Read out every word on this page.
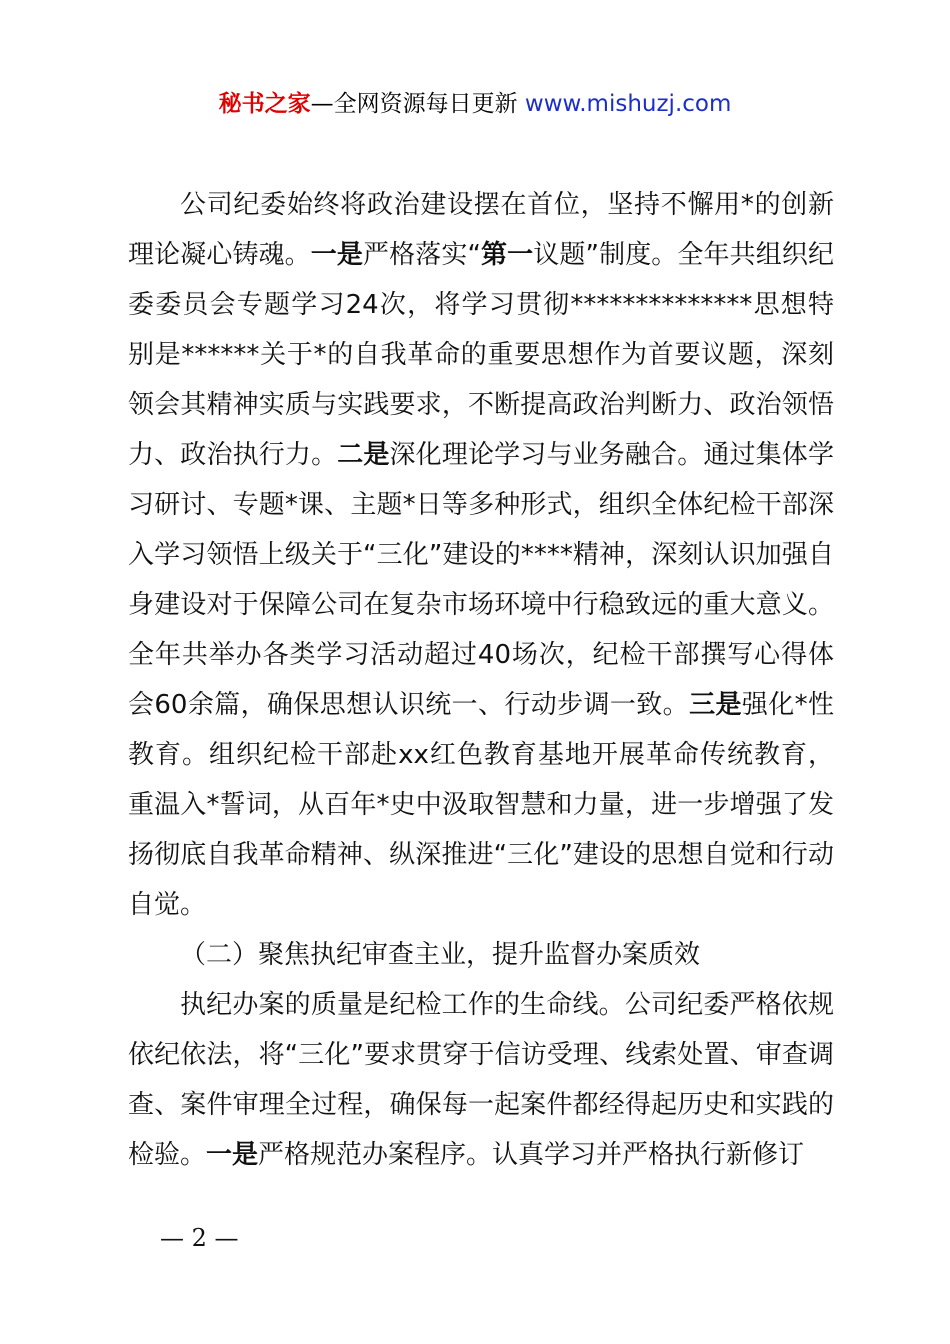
秘书之家—全网资源每日更新 www.mishuzj.com

公司纪委始终将政治建设摆在首位，坚持不懈用*的创新理论凝心铸魂。一是严格落实“第一议题”制度。全年共组织纪委委员会专题学习24次，将学习贯彻**************思想特别是******关于*的自我革命的重要思想作为首要议题，深刻领会其精神实质与实践要求，不断提高政治判断力、政治领悟力、政治执行力。二是深化理论学习与业务融合。通过集体学习研讨、专题*课、主题*日等多种形式，组织全体纪检干部深入学习领悟上级关于“三化”建设的****精神，深刻认识加强自身建设对于保障公司在复杂市场环境中行稳致远的重大意义。全年共举办各类学习活动超过40场次，纪检干部撰写心得体会60余篇，确保思想认识统一、行动步调一致。三是强化*性教育。组织纪检干部赴xx红色教育基地开展革命传统教育，重温入*誓词，从百年*史中汲取智慧和力量，进一步增强了发扬彻底自我革命精神、纵深推进“三化”建设的思想自觉和行动自觉。

（二）聚焦执纪审查主业，提升监督办案质效

执纪办案的质量是纪检工作的生命线。公司纪委严格依规依纪依法，将“三化”要求贯穿于信访受理、线索处置、审查调查、案件审理全过程，确保每一起案件都经得起历史和实践的检验。一是严格规范办案程序。认真学习并严格执行新修订

— 2 —
